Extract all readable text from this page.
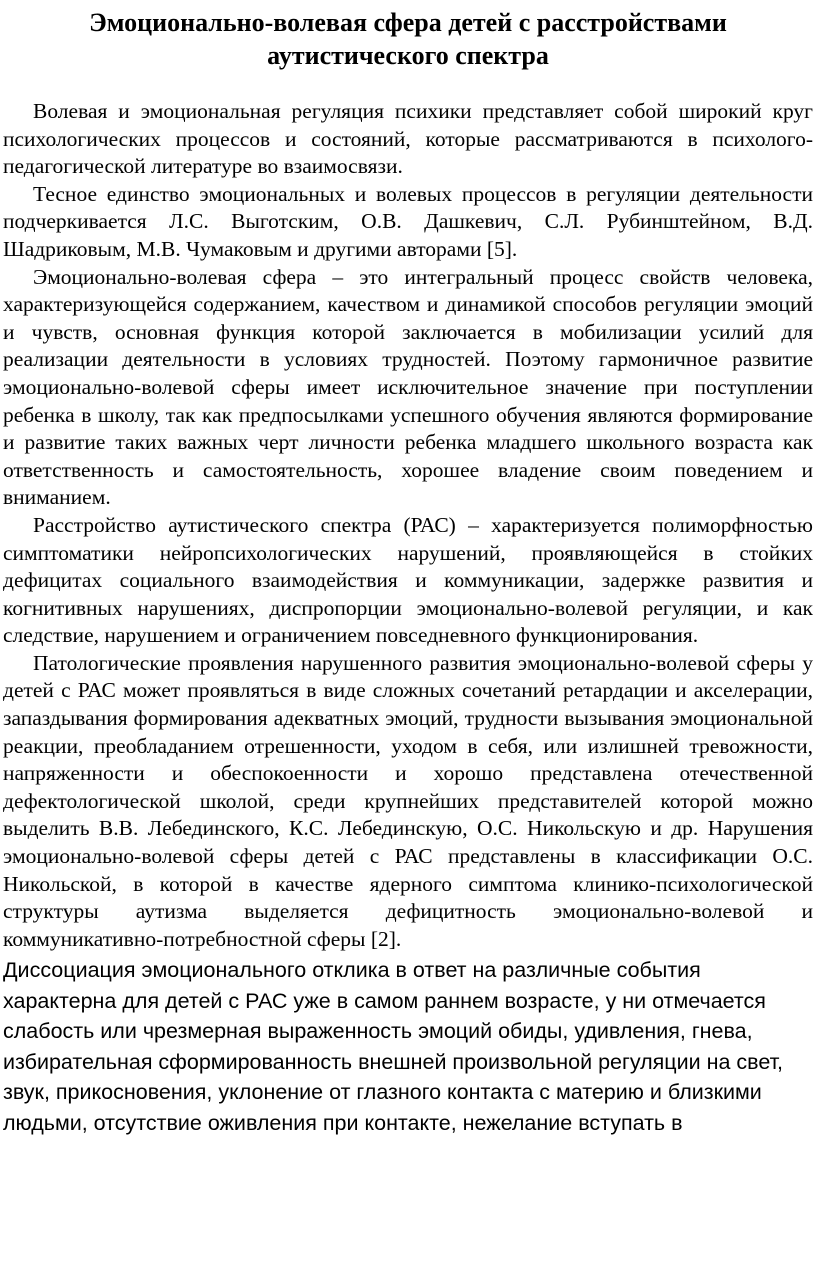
Эмоционально-волевая сфера детей с расстройствами аутистического спектра

Волевая и эмоциональная регуляция психики представляет собой широкий круг психологических процессов и состояний, которые рассматриваются в психолого-педагогической литературе во взаимосвязи.

Тесное единство эмоциональных и волевых процессов в регуляции деятельности подчеркивается Л.С. Выготским, О.В. Дашкевич, С.Л. Рубинштейном, В.Д. Шадриковым, М.В. Чумаковым и другими авторами [5].

Эмоционально-волевая сфера – это интегральный процесс свойств человека, характеризующейся содержанием, качеством и динамикой способов регуляции эмоций и чувств, основная функция которой заключается в мобилизации усилий для реализации деятельности в условиях трудностей. Поэтому гармоничное развитие эмоционально-волевой сферы имеет исключительное значение при поступлении ребенка в школу, так как предпосылками успешного обучения являются формирование и развитие таких важных черт личности ребенка младшего школьного возраста как ответственность и самостоятельность, хорошее владение своим поведением и вниманием.

Расстройство аутистического спектра (РАС) – характеризуется полиморфностью симптоматики нейропсихологических нарушений, проявляющейся в стойких дефицитах социального взаимодействия и коммуникации, задержке развития и когнитивных нарушениях, диспропорции эмоционально-волевой регуляции, и как следствие, нарушением и ограничением повседневного функционирования.

Патологические проявления нарушенного развития эмоционально-волевой сферы у детей с РАС может проявляться в виде сложных сочетаний ретардации и акселерации, запаздывания формирования адекватных эмоций, трудности вызывания эмоциональной реакции, преобладанием отрешенности, уходом в себя, или излишней тревожности, напряженности и обеспокоенности и хорошо представлена отечественной дефектологической школой, среди крупнейших представителей которой можно выделить В.В. Лебединского, К.С. Лебединскую, О.С. Никольскую и др. Нарушения эмоционально-волевой сферы детей с РАС представлены в классификации О.С. Никольской, в которой в качестве ядерного симптома клинико-психологической структуры аутизма выделяется дефицитность эмоционально-волевой и коммуникативно-потребностной сферы [2].

Диссоциация эмоционального отклика в ответ на различные события характерна для детей с РАС уже в самом раннем возрасте, у ни отмечается слабость или чрезмерная выраженность эмоций обиды, удивления, гнева, избирательная сформированность внешней произвольной регуляции на свет, звук, прикосновения, уклонение от глазного контакта с материю и близкими людьми, отсутствие оживления при контакте, нежелание вступать в
